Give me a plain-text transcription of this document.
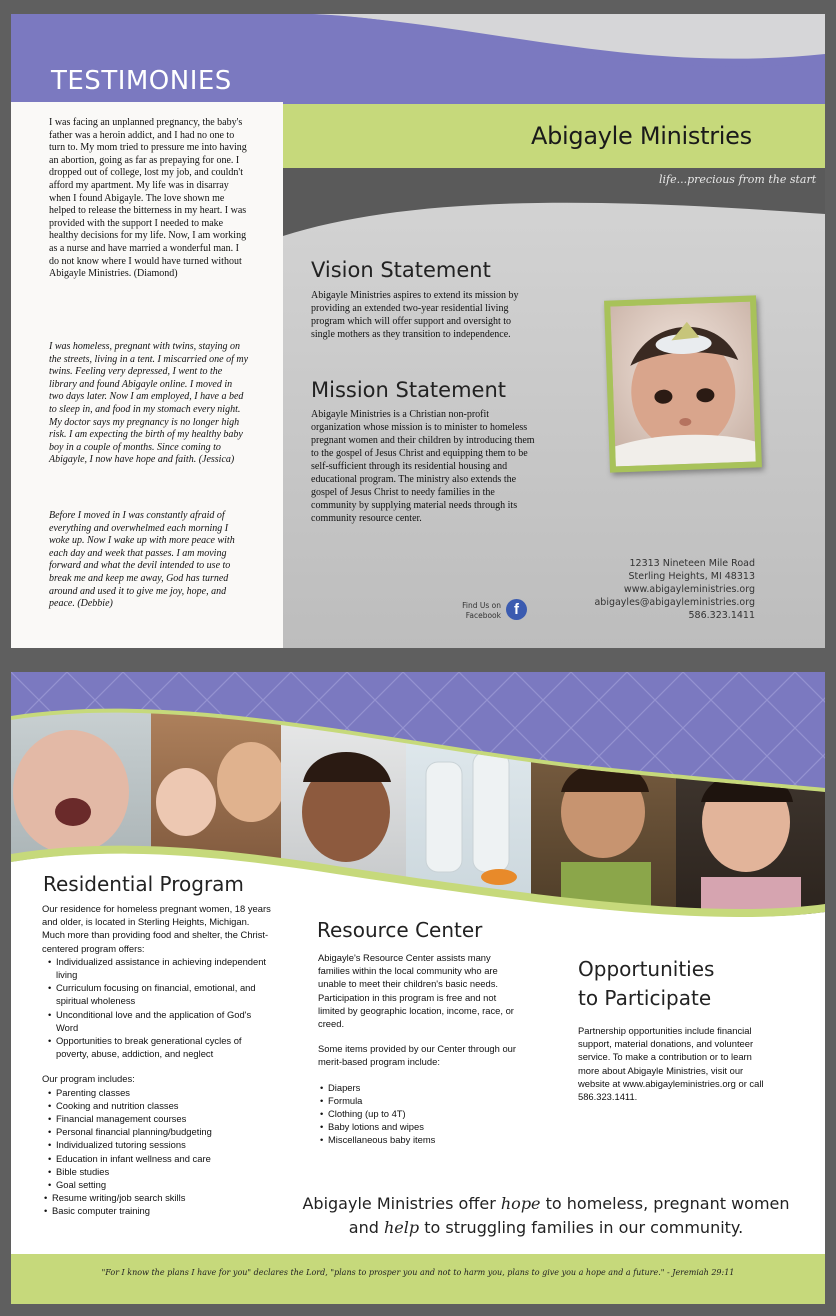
TESTIMONIES

I was facing an unplanned pregnancy, the baby's father was a heroin addict, and I had no one to turn to. My mom tried to pressure me into having an abortion, going as far as prepaying for one. I dropped out of college, lost my job, and couldn't afford my apartment. My life was in disarray when I found Abigayle. The love shown me helped to release the bitterness in my heart. I was provided with the support I needed to make healthy decisions for my life. Now, I am working as a nurse and have married a wonderful man. I do not know where I would have turned without Abigayle Ministries. (Diamond)

I was homeless, pregnant with twins, staying on the streets, living in a tent. I miscarried one of my twins. Feeling very depressed, I went to the library and found Abigayle online. I moved in two days later. Now I am employed, I have a bed to sleep in, and food in my stomach every night. My doctor says my pregnancy is no longer high risk. I am expecting the birth of my healthy baby boy in a couple of months. Since coming to Abigayle, I now have hope and faith. (Jessica)

Before I moved in I was constantly afraid of everything and overwhelmed each morning I woke up. Now I wake up with more peace with each day and week that passes. I am moving forward and what the devil intended to use to break me and keep me away, God has turned around and used it to give me joy, hope, and peace. (Debbie)

Abigayle Ministries
life...precious from the start
Vision Statement

Abigayle Ministries aspires to extend its mission by providing an extended two-year residential living program which will offer support and oversight to single mothers as they transition to independence.

Mission Statement

Abigayle Ministries is a Christian non-profit organization whose mission is to minister to homeless pregnant women and their children by introducing them to the gospel of Jesus Christ and equipping them to be self-sufficient through its residential housing and educational program. The ministry also extends the gospel of Jesus Christ to needy families in the community by supplying material needs through its community resource center.

12313 Nineteen Mile Road
Sterling Heights, MI 48313
www.abigayleministries.org
abigayles@abigayleministries.org
586.323.1411
Find Us on Facebook f
Residential Program

Our residence for homeless pregnant women, 18 years and older, is located in Sterling Heights, Michigan. Much more than providing food and shelter, the Christ-centered program offers:

• Individualized assistance in achieving independent living
• Curriculum focusing on financial, emotional, and spiritual wholeness
• Unconditional love and the application of God's Word
• Opportunities to break generational cycles of poverty, abuse, addiction, and neglect

Our program includes:

• Parenting classes
• Cooking and nutrition classes
• Financial management courses
• Personal financial planning/budgeting
• Individualized tutoring sessions
• Education in infant wellness and care
• Bible studies
• Goal setting
• Resume writing/job search skills
• Basic computer training
Resource Center

Abigayle's Resource Center assists many families within the local community who are unable to meet their children's basic needs. Participation in this program is free and not limited by geographic location, income, race, or creed.

Some items provided by our Center through our merit-based program include:

• Diapers
• Formula
• Clothing (up to 4T)
• Baby lotions and wipes
• Miscellaneous baby items
Opportunities
to Participate

Partnership opportunities include financial support, material donations, and volunteer service. To make a contribution or to learn more about Abigayle Ministries, visit our website at www.abigayleministries.org or call 586.323.1411.

Abigayle Ministries offer hope to homeless, pregnant women and help to struggling families in our community.
"For I know the plans I have for you" declares the Lord, "plans to prosper you and not to harm you, plans to give you a hope and a future." - Jeremiah 29:11
